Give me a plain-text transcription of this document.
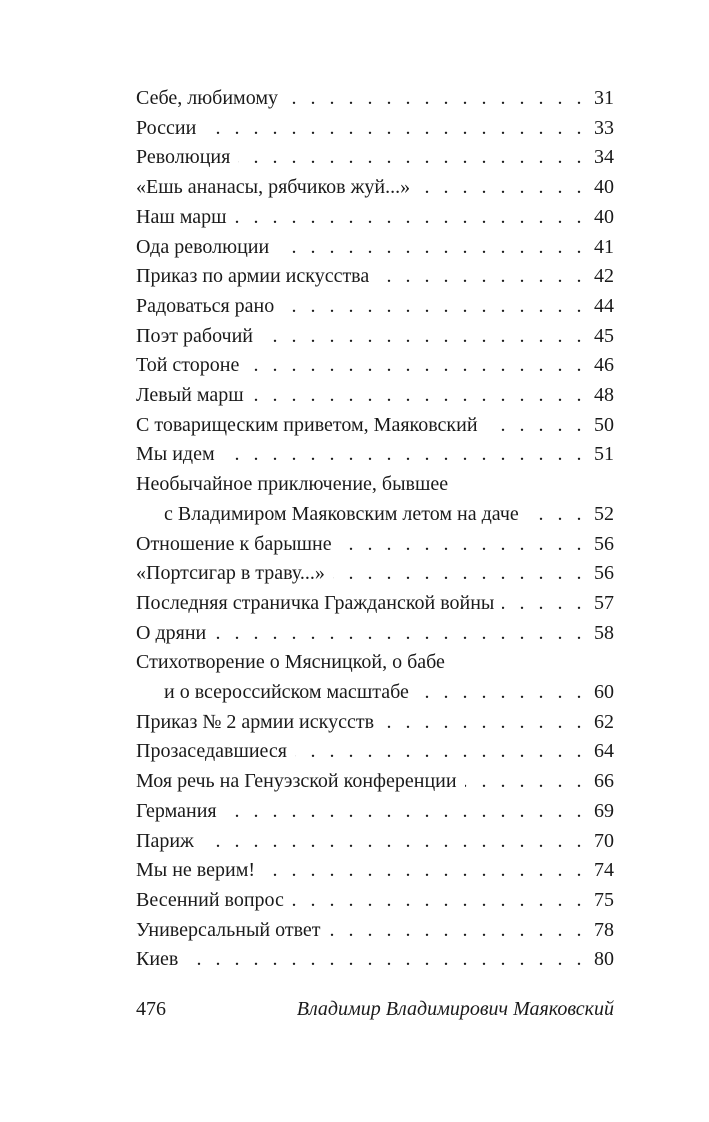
Себе, любимому . . .	31
России . . .	33
Революция . . .	34
«Ешь ананасы, рябчиков жуй...» . . .	40
Наш марш . . .	40
Ода революции . . .	41
Приказ по армии искусства . . .	42
Радоваться рано . . .	44
Поэт рабочий . . .	45
Той стороне . . .	46
Левый марш . . .	48
С товарищеским приветом, Маяковский . . .	50
Мы идем . . .	51
Необычайное приключение, бывшее
с Владимиром Маяковским летом на даче . . .	52
Отношение к барышне . . .	56
«Портсигар в траву...» . . .	56
Последняя страничка Гражданской войны . . .	57
О дряни . . .	58
Стихотворение о Мясницкой, о бабе
и о всероссийском масштабе . . .	60
Приказ № 2 армии искусств . . .	62
Прозаседавшиеся . . .	64
Моя речь на Генуэзской конференции . . .	66
Германия . . .	69
Париж . . .	70
Мы не верим! . . .	74
Весенний вопрос . . .	75
Универсальный ответ . . .	78
Киев . . .	80
476	Владимир Владимирович Маяковский
